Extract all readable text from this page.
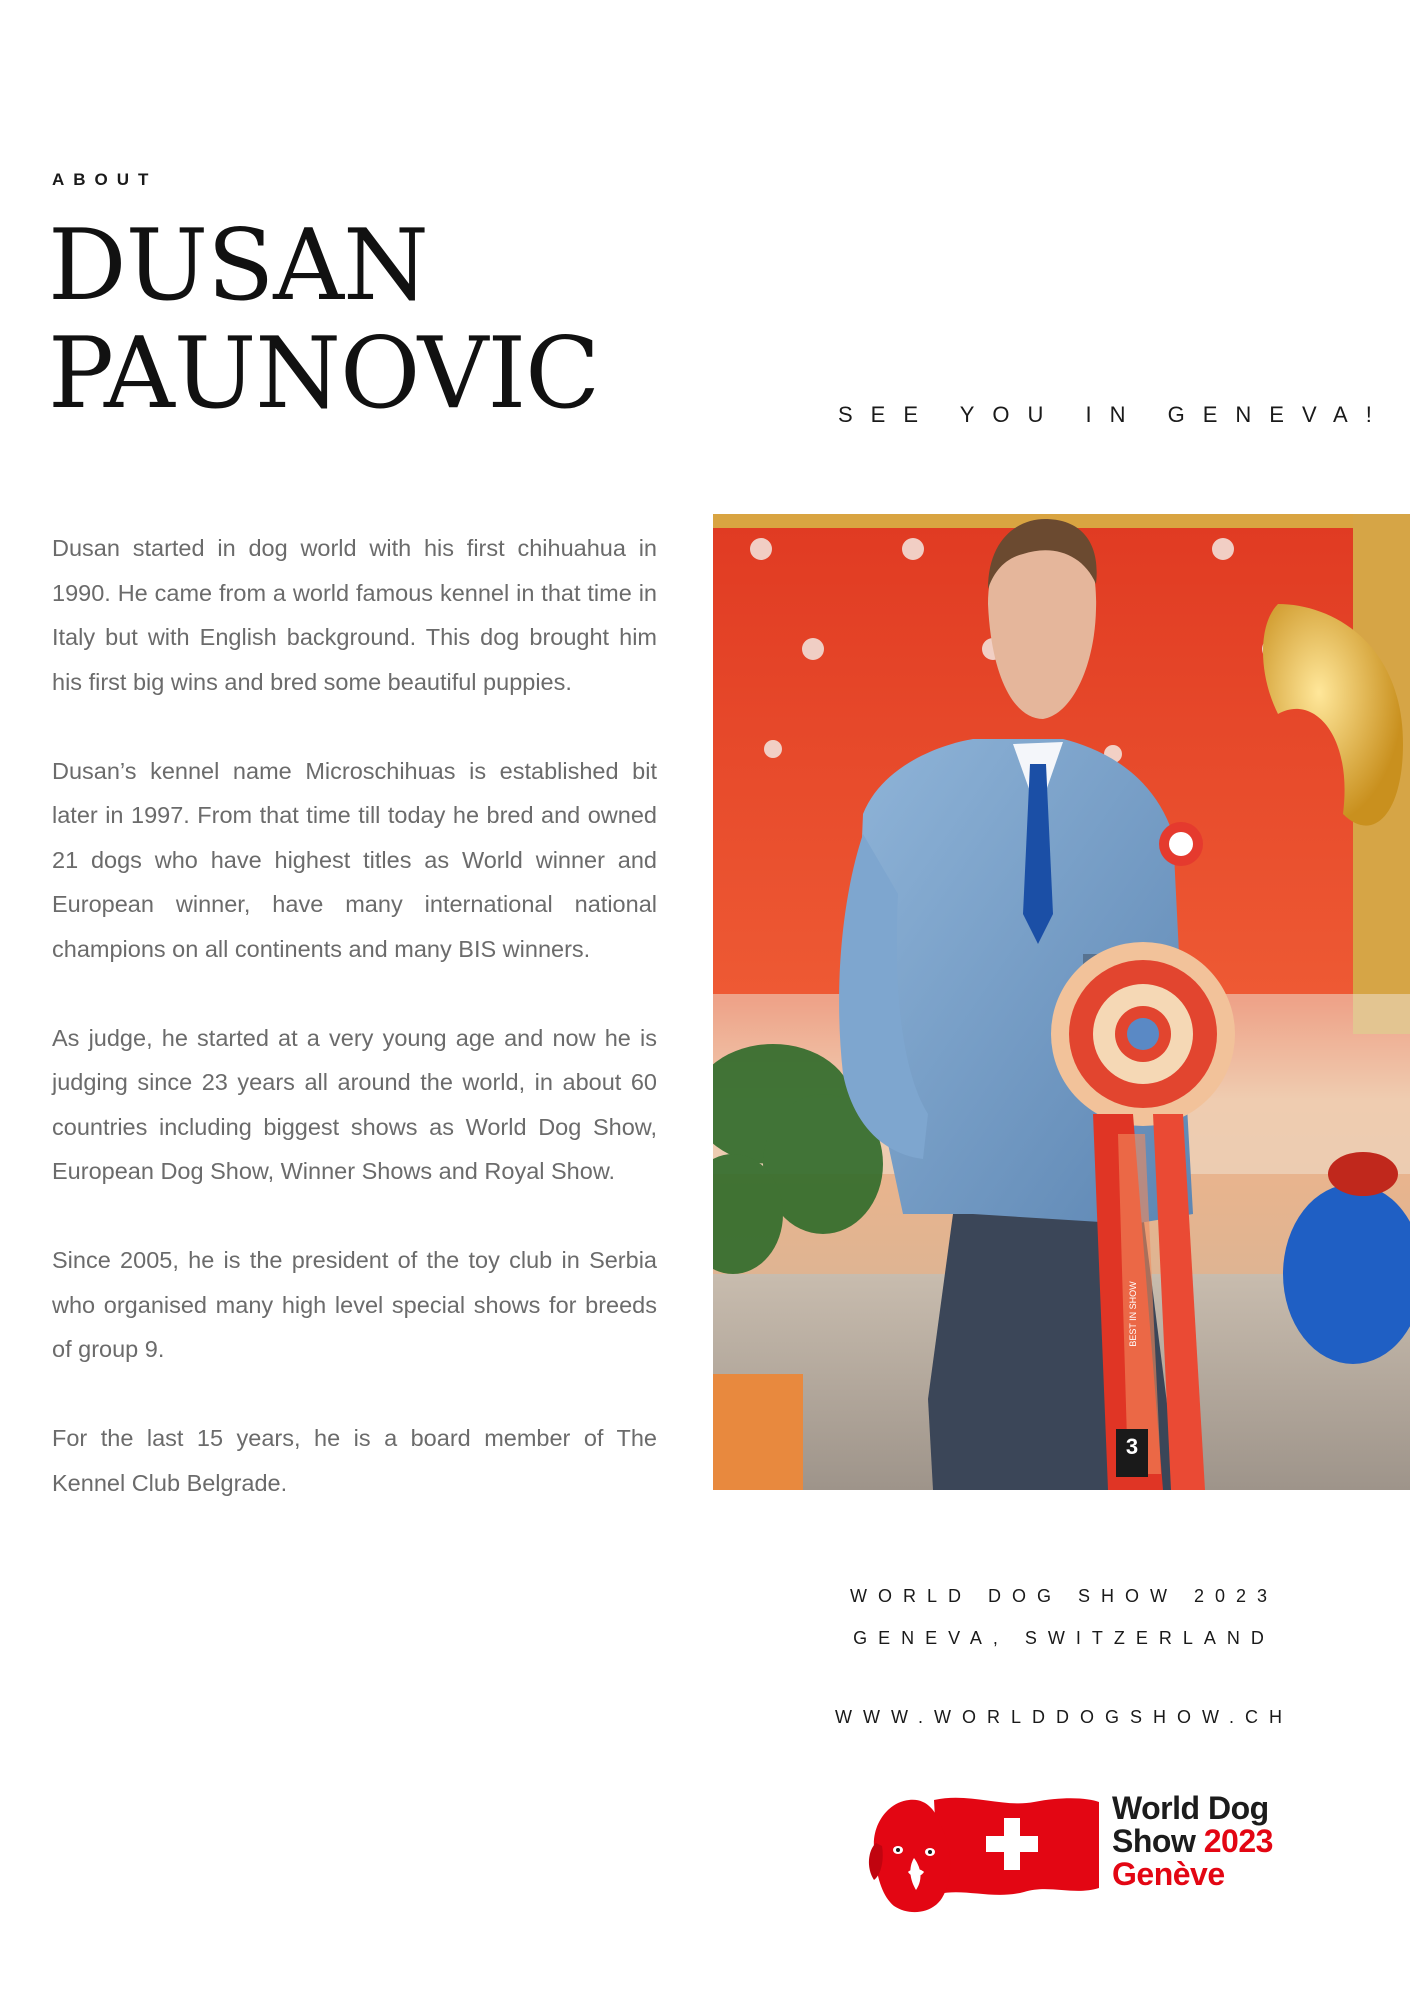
ABOUT
DUSAN
PAUNOVIC	SEE YOU IN GENEVA!

Dusan started in dog world with his first chihuahua in 1990. He came from a world famous kennel in that time in Italy but with English background. This dog brought him his first big wins and bred some beautiful puppies.

Dusan’s kennel name Microschihuas is established bit later in 1997. From that time till today he bred and owned 21 dogs who have highest titles as World winner and European winner, have many international national champions on all continents and many BIS winners.

As judge, he started at a very young age and now he is judging since 23 years all around the world, in about 60 countries including biggest shows as World Dog Show, European Dog Show, Winner Shows and Royal Show.

Since 2005, he is the president of the toy club in Serbia who organised many high level special shows for breeds of group 9.

For the last 15 years, he is a board member of The Kennel Club Belgrade.

3
BEST IN SHOW
WORLD DOG SHOW 2023
GENEVA, SWITZERLAND
WWW.WORLDDOGSHOW.CH
World Dog
Show 2023
Genève
